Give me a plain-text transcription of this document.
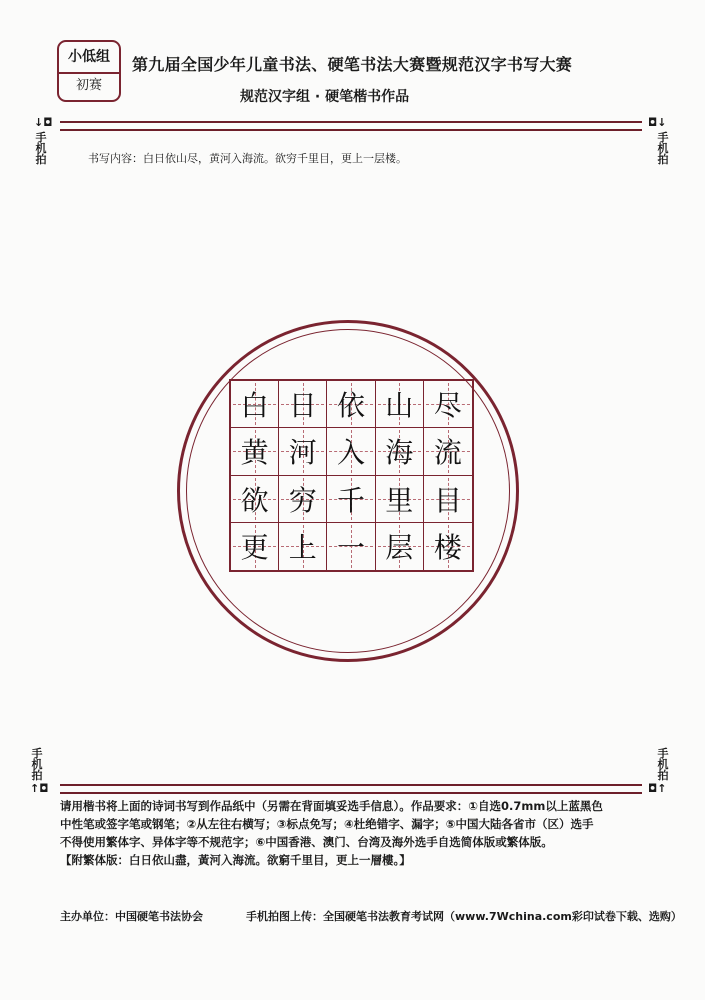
小低组
初赛
第九届全国少年儿童书法、硬笔书法大赛暨规范汉字书写大赛
规范汉字组 · 硬笔楷书作品
↓◘	◘↓
手
机
拍
手
机
拍
书写内容：白日依山尽，黄河入海流。欲穷千里目，更上一层楼。
白 日 依 山 尽
黄 河 入 海 流
欲 穷 千 里 目
更 上 一 层 楼
手
机
拍
手
机
拍
↑◘	◘↑
请用楷书将上面的诗词书写到作品纸中（另需在背面填妥选手信息）。作品要求：①自选0.7mm以上蓝黑色
中性笔或签字笔或钢笔；②从左往右横写；③标点免写；④杜绝错字、漏字；⑤中国大陆各省市（区）选手
不得使用繁体字、异体字等不规范字；⑥中国香港、澳门、台湾及海外选手自选简体版或繁体版。
【附繁体版：白日依山盡，黃河入海流。欲窮千里目，更上一層樓。】
主办单位：中国硬笔书法协会	手机拍图上传：全国硬笔书法教育考试网（www.7Wchina.com彩印试卷下载、选购）
